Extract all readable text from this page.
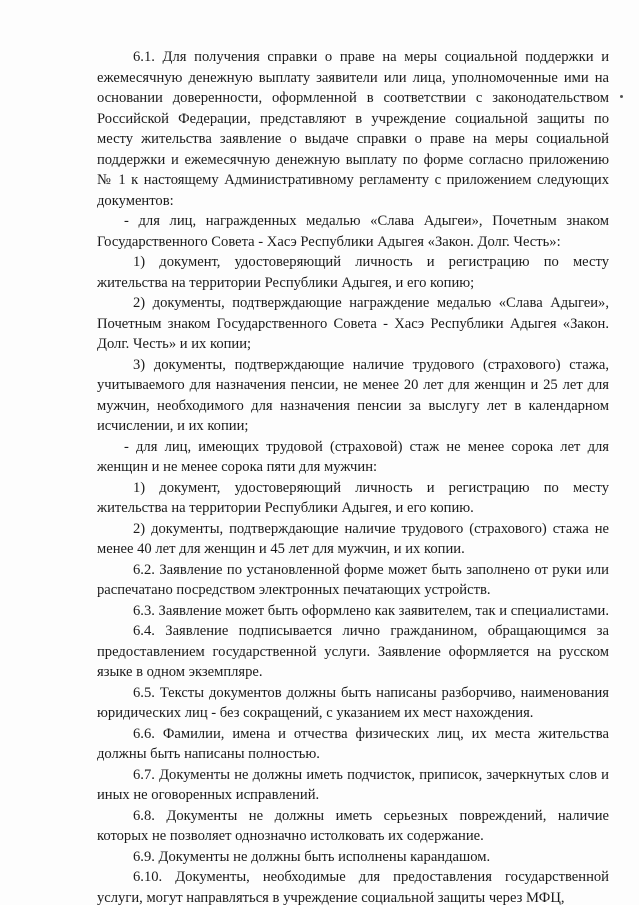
6.1. Для получения справки о праве на меры социальной поддержки и ежемесячную денежную выплату заявители или лица, уполномоченные ими на основании доверенности, оформленной в соответствии с законодательством Российской Федерации, представляют в учреждение социальной защиты по месту жительства заявление о выдаче справки о праве на меры социальной поддержки и ежемесячную денежную выплату по форме согласно приложению № 1 к настоящему Административному регламенту с приложением следующих документов:

- для лиц, награжденных медалью «Слава Адыгеи», Почетным знаком Государственного Совета - Хасэ Республики Адыгея «Закон. Долг. Честь»:

1) документ, удостоверяющий личность и регистрацию по месту жительства на территории Республики Адыгея, и его копию;

2) документы, подтверждающие награждение медалью «Слава Адыгеи», Почетным знаком Государственного Совета - Хасэ Республики Адыгея «Закон. Долг. Честь» и их копии;

3) документы, подтверждающие наличие трудового (страхового) стажа, учитываемого для назначения пенсии, не менее 20 лет для женщин и 25 лет для мужчин, необходимого для назначения пенсии за выслугу лет в календарном исчислении, и их копии;

- для лиц, имеющих трудовой (страховой) стаж не менее сорока лет для женщин и не менее сорока пяти для мужчин:

1) документ, удостоверяющий личность и регистрацию по месту жительства на территории Республики Адыгея, и его копию.

2) документы, подтверждающие наличие трудового (страхового) стажа не менее 40 лет для женщин и 45 лет для мужчин, и их копии.

6.2. Заявление по установленной форме может быть заполнено от руки или распечатано посредством электронных печатающих устройств.

6.3. Заявление может быть оформлено как заявителем, так и специалистами.

6.4. Заявление подписывается лично гражданином, обращающимся за предоставлением государственной услуги. Заявление оформляется на русском языке в одном экземпляре.

6.5. Тексты документов должны быть написаны разборчиво, наименования юридических лиц - без сокращений, с указанием их мест нахождения.

6.6. Фамилии, имена и отчества физических лиц, их места жительства должны быть написаны полностью.

6.7. Документы не должны иметь подчисток, приписок, зачеркнутых слов и иных не оговоренных исправлений.

6.8. Документы не должны иметь серьезных повреждений, наличие которых не позволяет однозначно истолковать их содержание.

6.9. Документы не должны быть исполнены карандашом.

6.10. Документы, необходимые для предоставления государственной услуги, могут направляться в учреждение социальной защиты через МФЦ,
